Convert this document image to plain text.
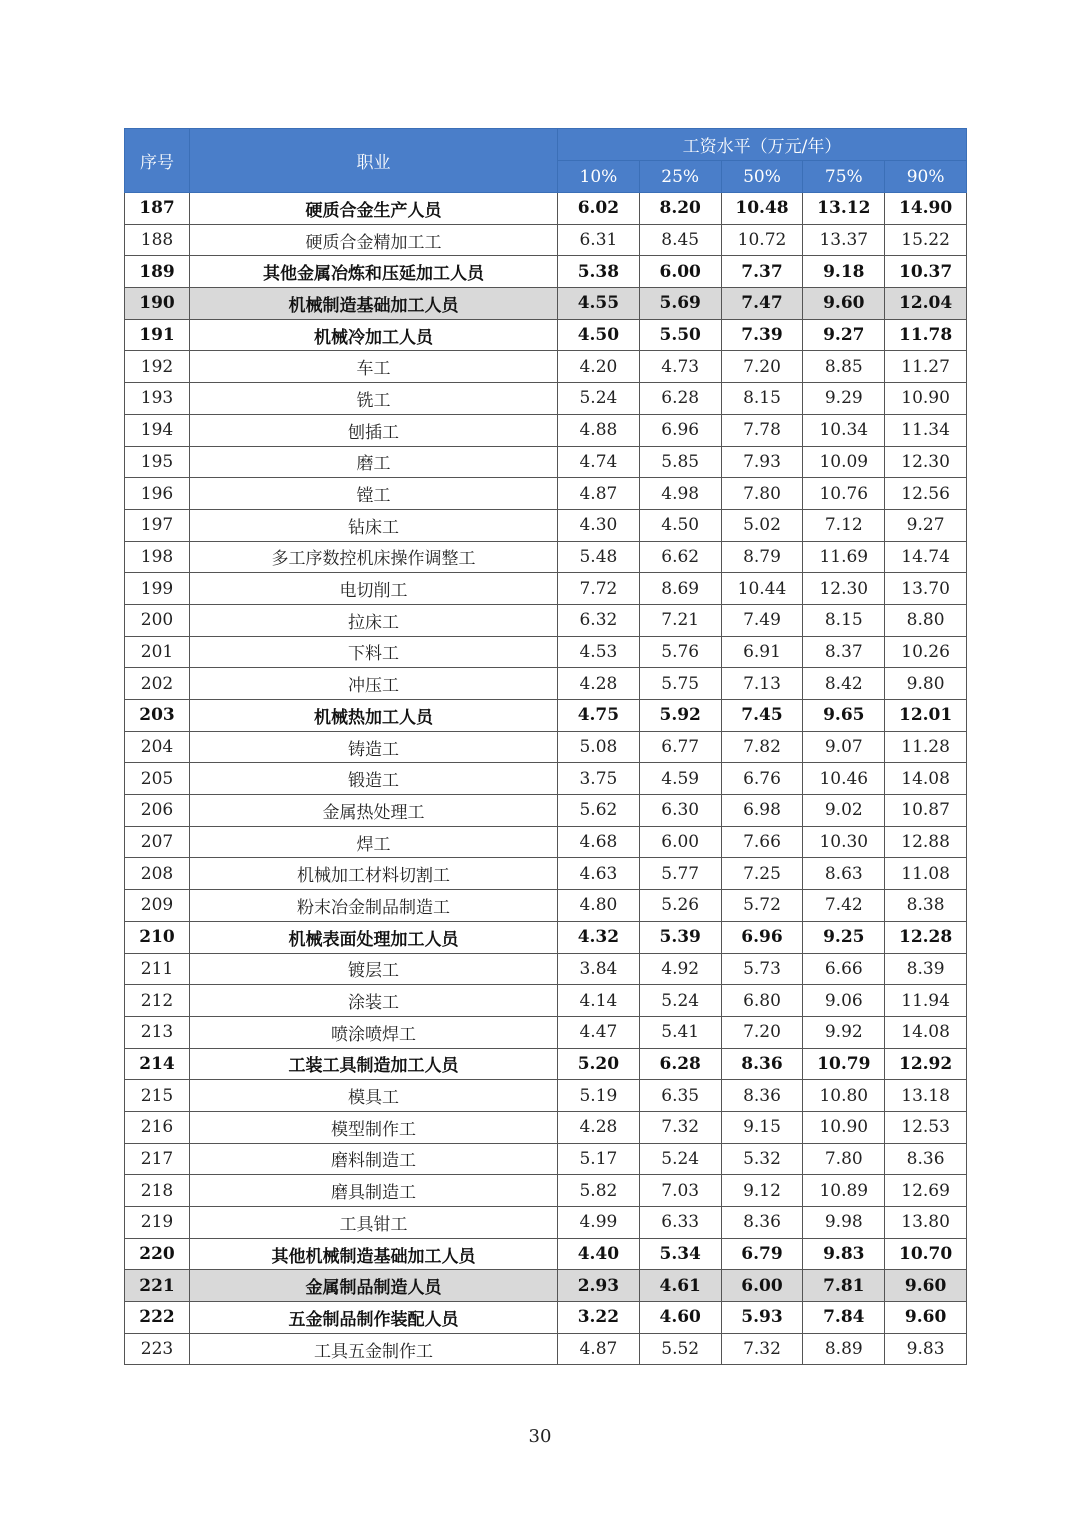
序号	职业	工资水平（万元/年）				
		10%	25%	50%	75%	90%
187	硬质合金生产人员	6.02	8.20	10.48	13.12	14.90
188	硬质合金精加工工	6.31	8.45	10.72	13.37	15.22
189	其他金属冶炼和压延加工人员	5.38	6.00	7.37	9.18	10.37
190	机械制造基础加工人员	4.55	5.69	7.47	9.60	12.04
191	机械冷加工人员	4.50	5.50	7.39	9.27	11.78
192	车工	4.20	4.73	7.20	8.85	11.27
193	铣工	5.24	6.28	8.15	9.29	10.90
194	刨插工	4.88	6.96	7.78	10.34	11.34
195	磨工	4.74	5.85	7.93	10.09	12.30
196	镗工	4.87	4.98	7.80	10.76	12.56
197	钻床工	4.30	4.50	5.02	7.12	9.27
198	多工序数控机床操作调整工	5.48	6.62	8.79	11.69	14.74
199	电切削工	7.72	8.69	10.44	12.30	13.70
200	拉床工	6.32	7.21	7.49	8.15	8.80
201	下料工	4.53	5.76	6.91	8.37	10.26
202	冲压工	4.28	5.75	7.13	8.42	9.80
203	机械热加工人员	4.75	5.92	7.45	9.65	12.01
204	铸造工	5.08	6.77	7.82	9.07	11.28
205	锻造工	3.75	4.59	6.76	10.46	14.08
206	金属热处理工	5.62	6.30	6.98	9.02	10.87
207	焊工	4.68	6.00	7.66	10.30	12.88
208	机械加工材料切割工	4.63	5.77	7.25	8.63	11.08
209	粉末冶金制品制造工	4.80	5.26	5.72	7.42	8.38
210	机械表面处理加工人员	4.32	5.39	6.96	9.25	12.28
211	镀层工	3.84	4.92	5.73	6.66	8.39
212	涂装工	4.14	5.24	6.80	9.06	11.94
213	喷涂喷焊工	4.47	5.41	7.20	9.92	14.08
214	工装工具制造加工人员	5.20	6.28	8.36	10.79	12.92
215	模具工	5.19	6.35	8.36	10.80	13.18
216	模型制作工	4.28	7.32	9.15	10.90	12.53
217	磨料制造工	5.17	5.24	5.32	7.80	8.36
218	磨具制造工	5.82	7.03	9.12	10.89	12.69
219	工具钳工	4.99	6.33	8.36	9.98	13.80
220	其他机械制造基础加工人员	4.40	5.34	6.79	9.83	10.70
221	金属制品制造人员	2.93	4.61	6.00	7.81	9.60
222	五金制品制作装配人员	3.22	4.60	5.93	7.84	9.60
223	工具五金制作工	4.87	5.52	7.32	8.89	9.83
30
